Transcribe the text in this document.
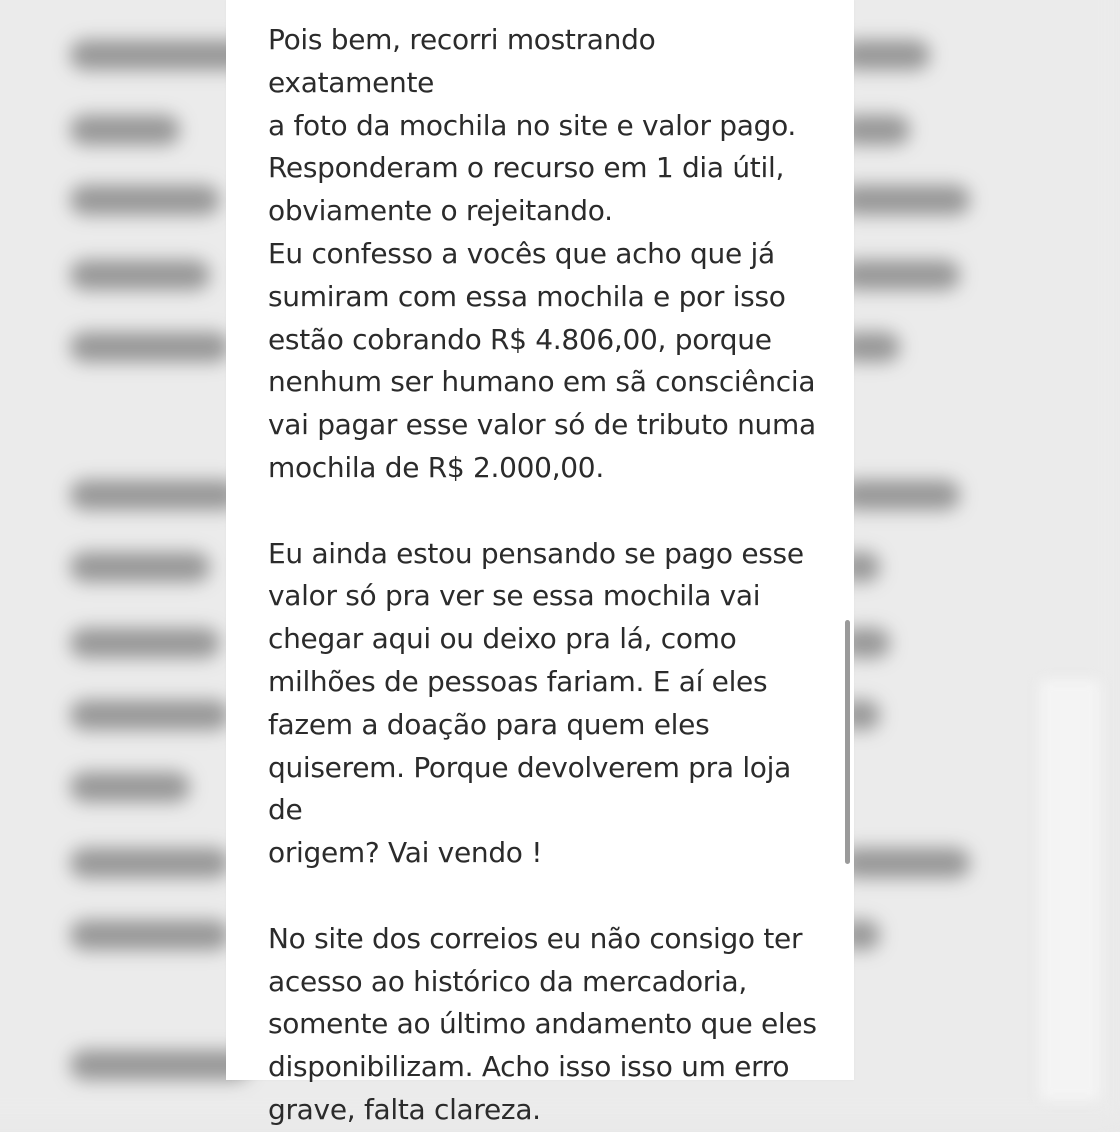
Pois bem, recorri mostrando exatamente
a foto da mochila no site e valor pago.
Responderam o recurso em 1 dia útil,
obviamente o rejeitando.
Eu confesso a vocês que acho que já
sumiram com essa mochila e por isso
estão cobrando R$ 4.806,00, porque
nenhum ser humano em sã consciência
vai pagar esse valor só de tributo numa
mochila de R$ 2.000,00.
Eu ainda estou pensando se pago esse
valor só pra ver se essa mochila vai
chegar aqui ou deixo pra lá, como
milhões de pessoas fariam. E aí eles
fazem a doação para quem eles
quiserem. Porque devolverem pra loja de
origem? Vai vendo !
No site dos correios eu não consigo ter
acesso ao histórico da mercadoria,
somente ao último andamento que eles
disponibilizam. Acho isso isso um erro
grave, falta clareza.
